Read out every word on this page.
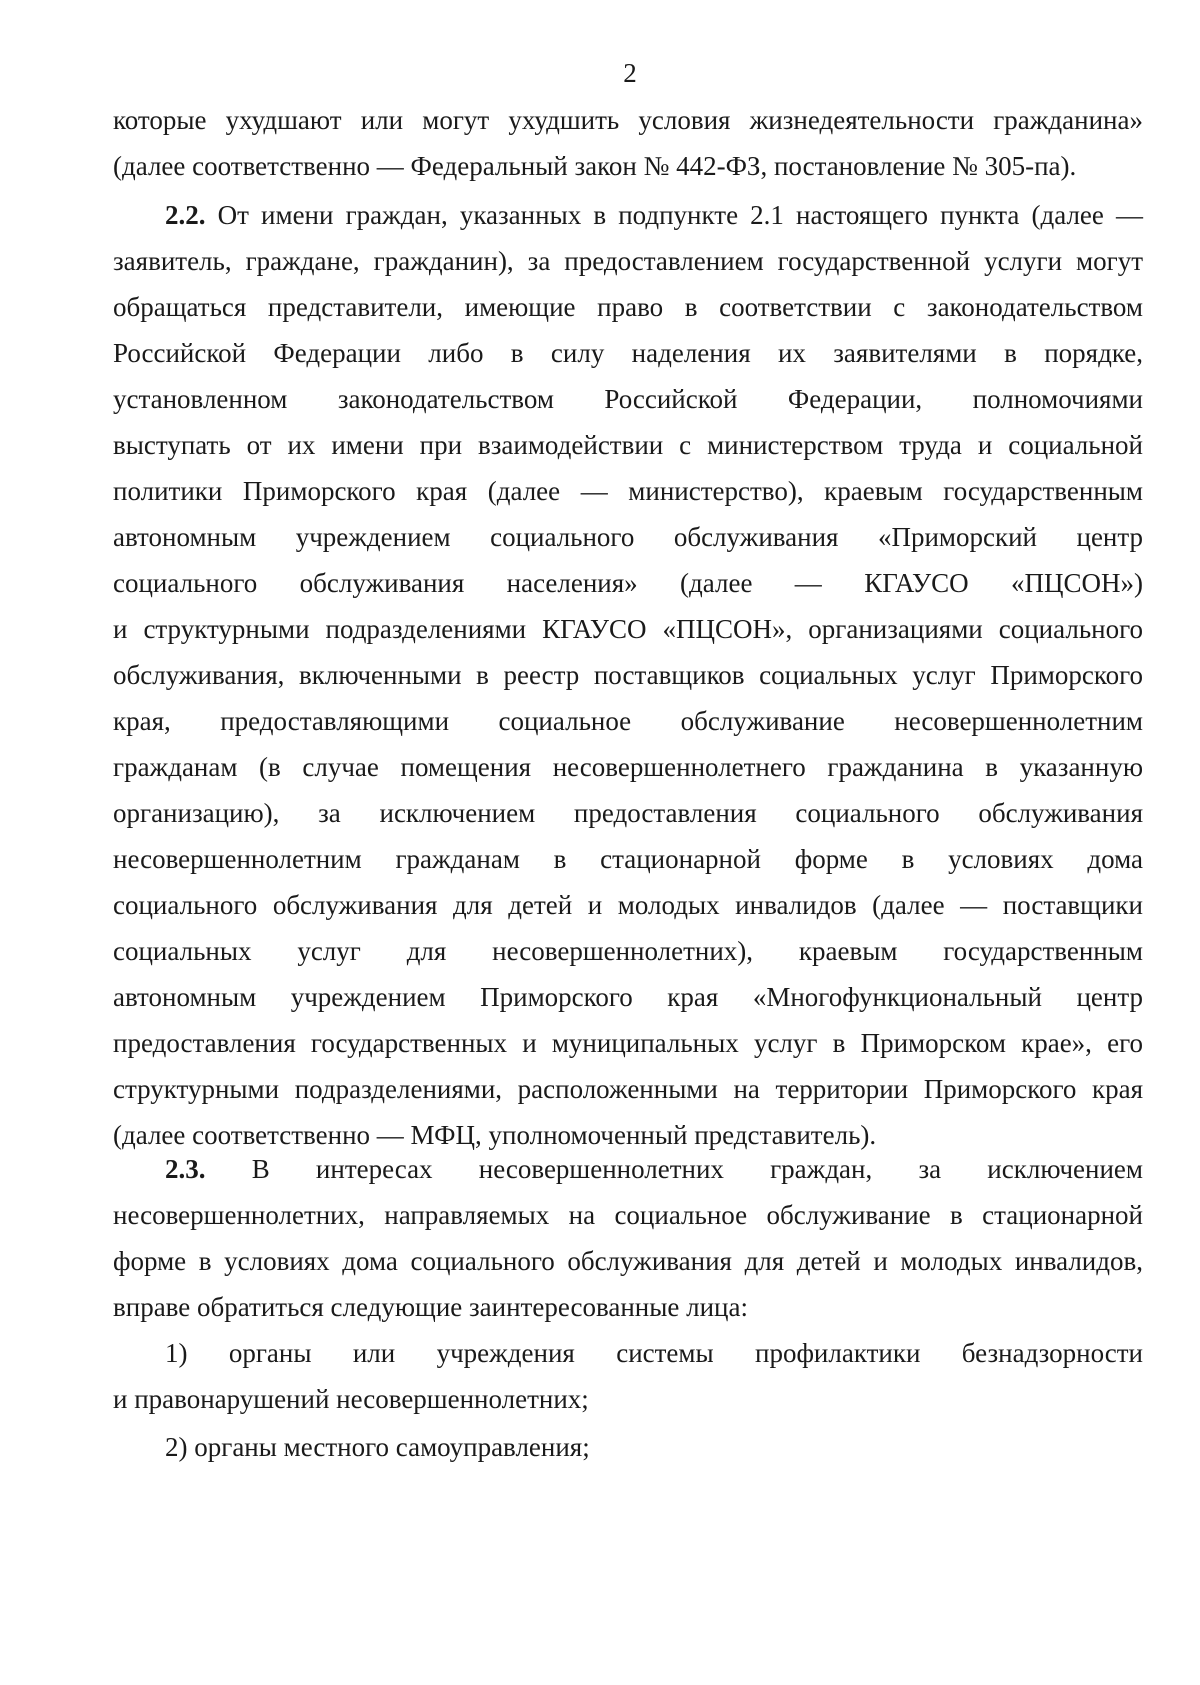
2
которые ухудшают или могут ухудшить условия жизнедеятельности гражданина»
(далее соответственно — Федеральный закон № 442-ФЗ, постановление № 305-па).
2.2. От имени граждан, указанных в подпункте 2.1 настоящего пункта (далее —
заявитель, граждане, гражданин), за предоставлением государственной услуги могут
обращаться представители, имеющие право в соответствии с законодательством
Российской Федерации либо в силу наделения их заявителями в порядке,
установленном законодательством Российской Федерации, полномочиями
выступать от их имени при взаимодействии с министерством труда и социальной
политики Приморского края (далее — министерство), краевым государственным
автономным учреждением социального обслуживания «Приморский центр
социального обслуживания населения» (далее — КГАУСО «ПЦСОН»)
и структурными подразделениями КГАУСО «ПЦСОН», организациями социального
обслуживания, включенными в реестр поставщиков социальных услуг Приморского
края, предоставляющими социальное обслуживание несовершеннолетним
гражданам (в случае помещения несовершеннолетнего гражданина в указанную
организацию), за исключением предоставления социального обслуживания
несовершеннолетним гражданам в стационарной форме в условиях дома
социального обслуживания для детей и молодых инвалидов (далее — поставщики
социальных услуг для несовершеннолетних), краевым государственным
автономным учреждением Приморского края «Многофункциональный центр
предоставления государственных и муниципальных услуг в Приморском крае», его
структурными подразделениями, расположенными на территории Приморского края
(далее соответственно — МФЦ, уполномоченный представитель).
2.3. В интересах несовершеннолетних граждан, за исключением
несовершеннолетних, направляемых на социальное обслуживание в стационарной
форме в условиях дома социального обслуживания для детей и молодых инвалидов,
вправе обратиться следующие заинтересованные лица:
1) органы или учреждения системы профилактики безнадзорности
и правонарушений несовершеннолетних;
2) органы местного самоуправления;
